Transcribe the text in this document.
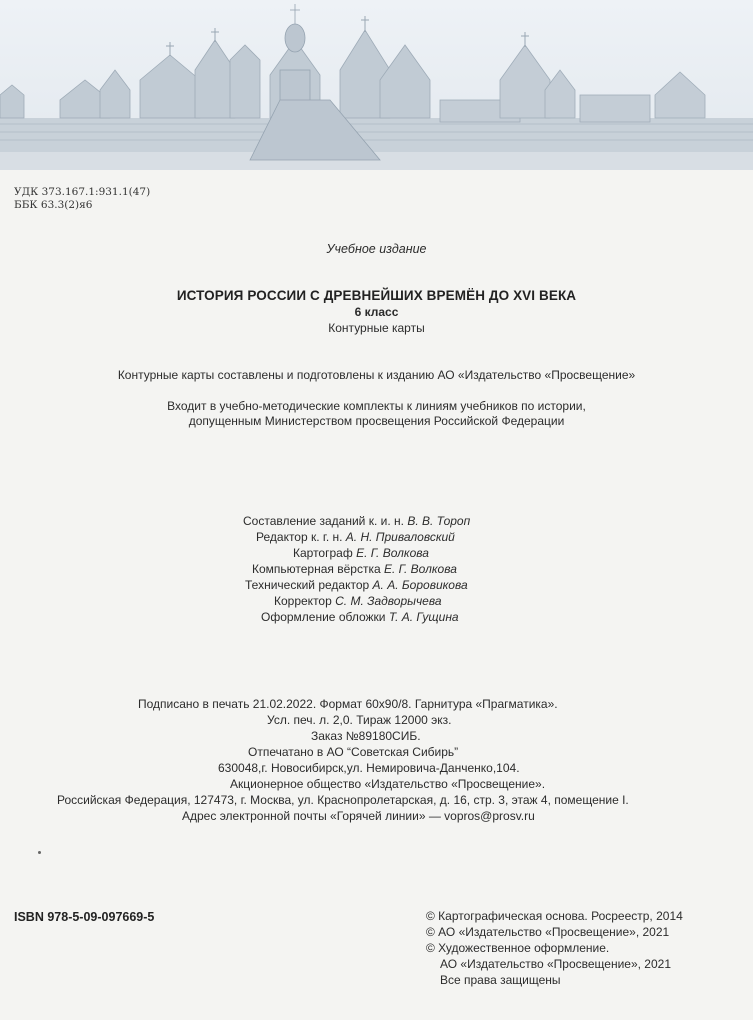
УДК 373.167.1:931.1(47)
ББК 63.3(2)я6
Учебное издание
ИСТОРИЯ РОССИИ С ДРЕВНЕЙШИХ ВРЕМЁН ДО XVI ВЕКА
6 класс
Контурные карты
Контурные карты составлены и подготовлены к изданию АО «Издательство «Просвещение»
Входит в учебно-методические комплекты к линиям учебников по истории,
допущенным Министерством просвещения Российской Федерации
Составление заданий к. и. н. В. В. Тороп
Редактор к. г. н. А. Н. Приваловский
Картограф Е. Г. Волкова
Компьютерная вёрстка Е. Г. Волкова
Технический редактор А. А. Боровикова
Корректор С. М. Задворычева
Оформление обложки Т. А. Гущина
Подписано в печать 21.02.2022. Формат 60x90/8. Гарнитура «Прагматика».
Усл. печ. л. 2,0. Тираж 12000 экз.
Заказ №89180СИБ.
Отпечатано в АО “Советская Сибирь”
630048,г. Новосибирск,ул. Немировича-Данченко,104.
Акционерное общество «Издательство «Просвещение».
Российская Федерация, 127473, г. Москва, ул. Краснопролетарская, д. 16, стр. 3, этаж 4, помещение I.
Адрес электронной почты «Горячей линии» — vopros@prosv.ru
ISBN 978-5-09-097669-5	© Картографическая основа. Росреестр, 2014
© АО «Издательство «Просвещение», 2021
© Художественное оформление.
АО «Издательство «Просвещение», 2021
Все права защищены
